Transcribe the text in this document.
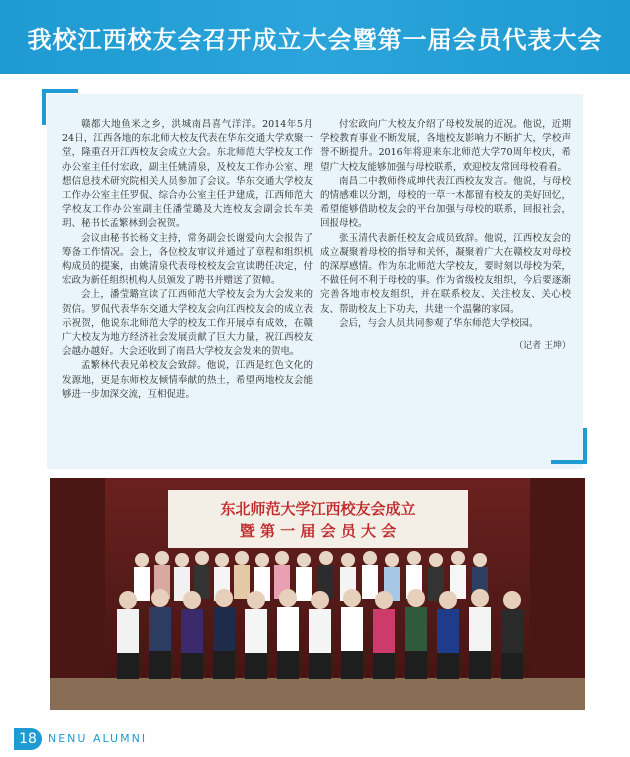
我校江西校友会召开成立大会暨第一届会员代表大会

赣都大地鱼米之乡，洪城南昌喜气洋洋。2014年5月24日，江西各地的东北师大校友代表在华东交通大学欢聚一堂，隆重召开江西校友会成立大会。东北师范大学校友工作办公室主任付宏政，副主任姚清泉，及校友工作办公室、理想信息技术研究院相关人员参加了会议。华东交通大学校友工作办公室主任罗侃、综合办公室主任尹建成，江西师范大学校友工作办公室副主任潘莹璐及大连校友会副会长车美玥、秘书长孟繁林到会祝贺。

会议由秘书长杨文主持，常务副会长谢爱向大会报告了筹备工作情况。会上，各位校友审议并通过了章程和组织机构成员的提案，由姚清泉代表母校校友会宣读聘任决定，付宏政为新任组织机构人员颁发了聘书并赠送了贺幛。

会上，潘莹璐宣读了江西师范大学校友会为大会发来的贺信。罗侃代表华东交通大学校友会向江西校友会的成立表示祝贺，他说东北师范大学的校友工作开展卓有成效，在赣广大校友为地方经济社会发展贡献了巨大力量，祝江西校友会越办越好。大会还收到了南昌大学校友会发来的贺电。

孟繁林代表兄弟校友会致辞。他说，江西是红色文化的发源地，更是东师校友倾情奉献的热土，希望两地校友会能够进一步加深交流，互相促进。

付宏政向广大校友介绍了母校发展的近况。他说，近期学校教育事业不断发展，各地校友影响力不断扩大，学校声誉不断提升。2016年将迎来东北师范大学70周年校庆，希望广大校友能够加强与母校联系，欢迎校友常回母校看看。

南昌二中教师佟成坤代表江西校友发言。他说，与母校的情感难以分割，母校的一草一木都留有校友的美好回忆，希望能够借助校友会的平台加强与母校的联系，回报社会，回报母校。

张玉清代表新任校友会成员致辞。他说，江西校友会的成立凝聚着母校的指导和关怀，凝聚着广大在赣校友对母校的深厚感情。作为东北师范大学校友，要时刻以母校为荣，不做任何不利于母校的事。作为省级校友组织，今后要逐渐完善各地市校友组织，并在联系校友、关注校友、关心校友、帮助校友上下功夫，共建一个温馨的家园。

会后，与会人员共同参观了华东师范大学校园。

（记者 王坤）

东北师范大学江西校友会成立
暨 第 一 届 会 员 大 会
18	NENU ALUMNI
